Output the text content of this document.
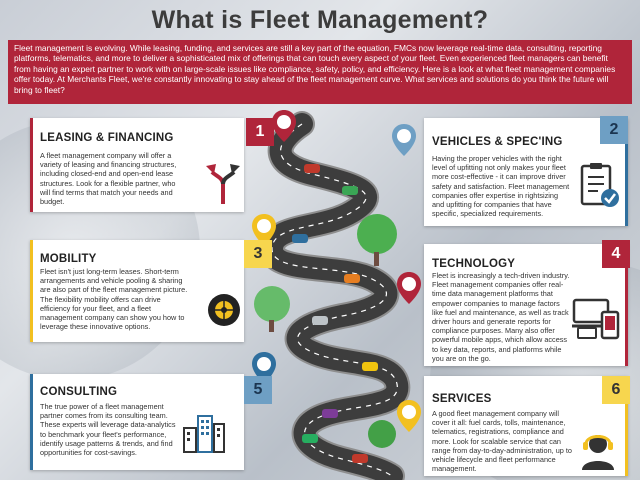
What is Fleet Management?
Fleet management is evolving. While leasing, funding, and services are still a key part of the equation, FMCs now leverage real-time data, consulting, reporting platforms, telematics, and more to deliver a sophisticated mix of offerings that can touch every aspect of your fleet. Even experienced fleet managers can benefit from having an expert partner to work with on large-scale issues like compliance, safety, policy, and efficiency. Here is a look at what fleet management companies offer today. At Merchants Fleet, we're constantly innovating to stay ahead of the fleet management curve. What services and solutions do you think the future will bring to fleet?
1
LEASING & FINANCING
A fleet management company will offer a variety of leasing and financing structures, including closed-end and open-end lease structures. Look for a flexible partner, who will find terms that match your needs and budget.
2
VEHICLES & SPEC'ING
Having the proper vehicles with the right level of upfitting not only makes your fleet more cost-effective - it can improve driver safety and satisfaction. Fleet management companies offer expertise in rightsizing and upfitting for companies that have specific, specialized requirements.
3
MOBILITY
Fleet isn't just long-term leases. Short-term arrangements and vehicle pooling & sharing are also part of the fleet management picture. The flexibility mobility offers can drive efficiency for your fleet, and a fleet management company can show you how to leverage these innovative options.
4
TECHNOLOGY
Fleet is increasingly a tech-driven industry. Fleet management companies offer real-time data management platforms that empower companies to manage factors like fuel and maintenance, as well as track driver hours and generate reports for compliance purposes. Many also offer powerful mobile apps, which allow access to key data, reports, and platforms while you are on the go.
5
CONSULTING
The true power of a fleet management partner comes from its consulting team. These experts will leverage data-analytics to benchmark your fleet's performance, identify usage patterns & trends, and find opportunities for cost-savings.
6
SERVICES
A good fleet management company will cover it all: fuel cards, tolls, maintenance, telematics, registrations, compliance and more. Look for scalable service that can range from day-to-day-administration, up to vehicle lifecycle and fleet performance management.
